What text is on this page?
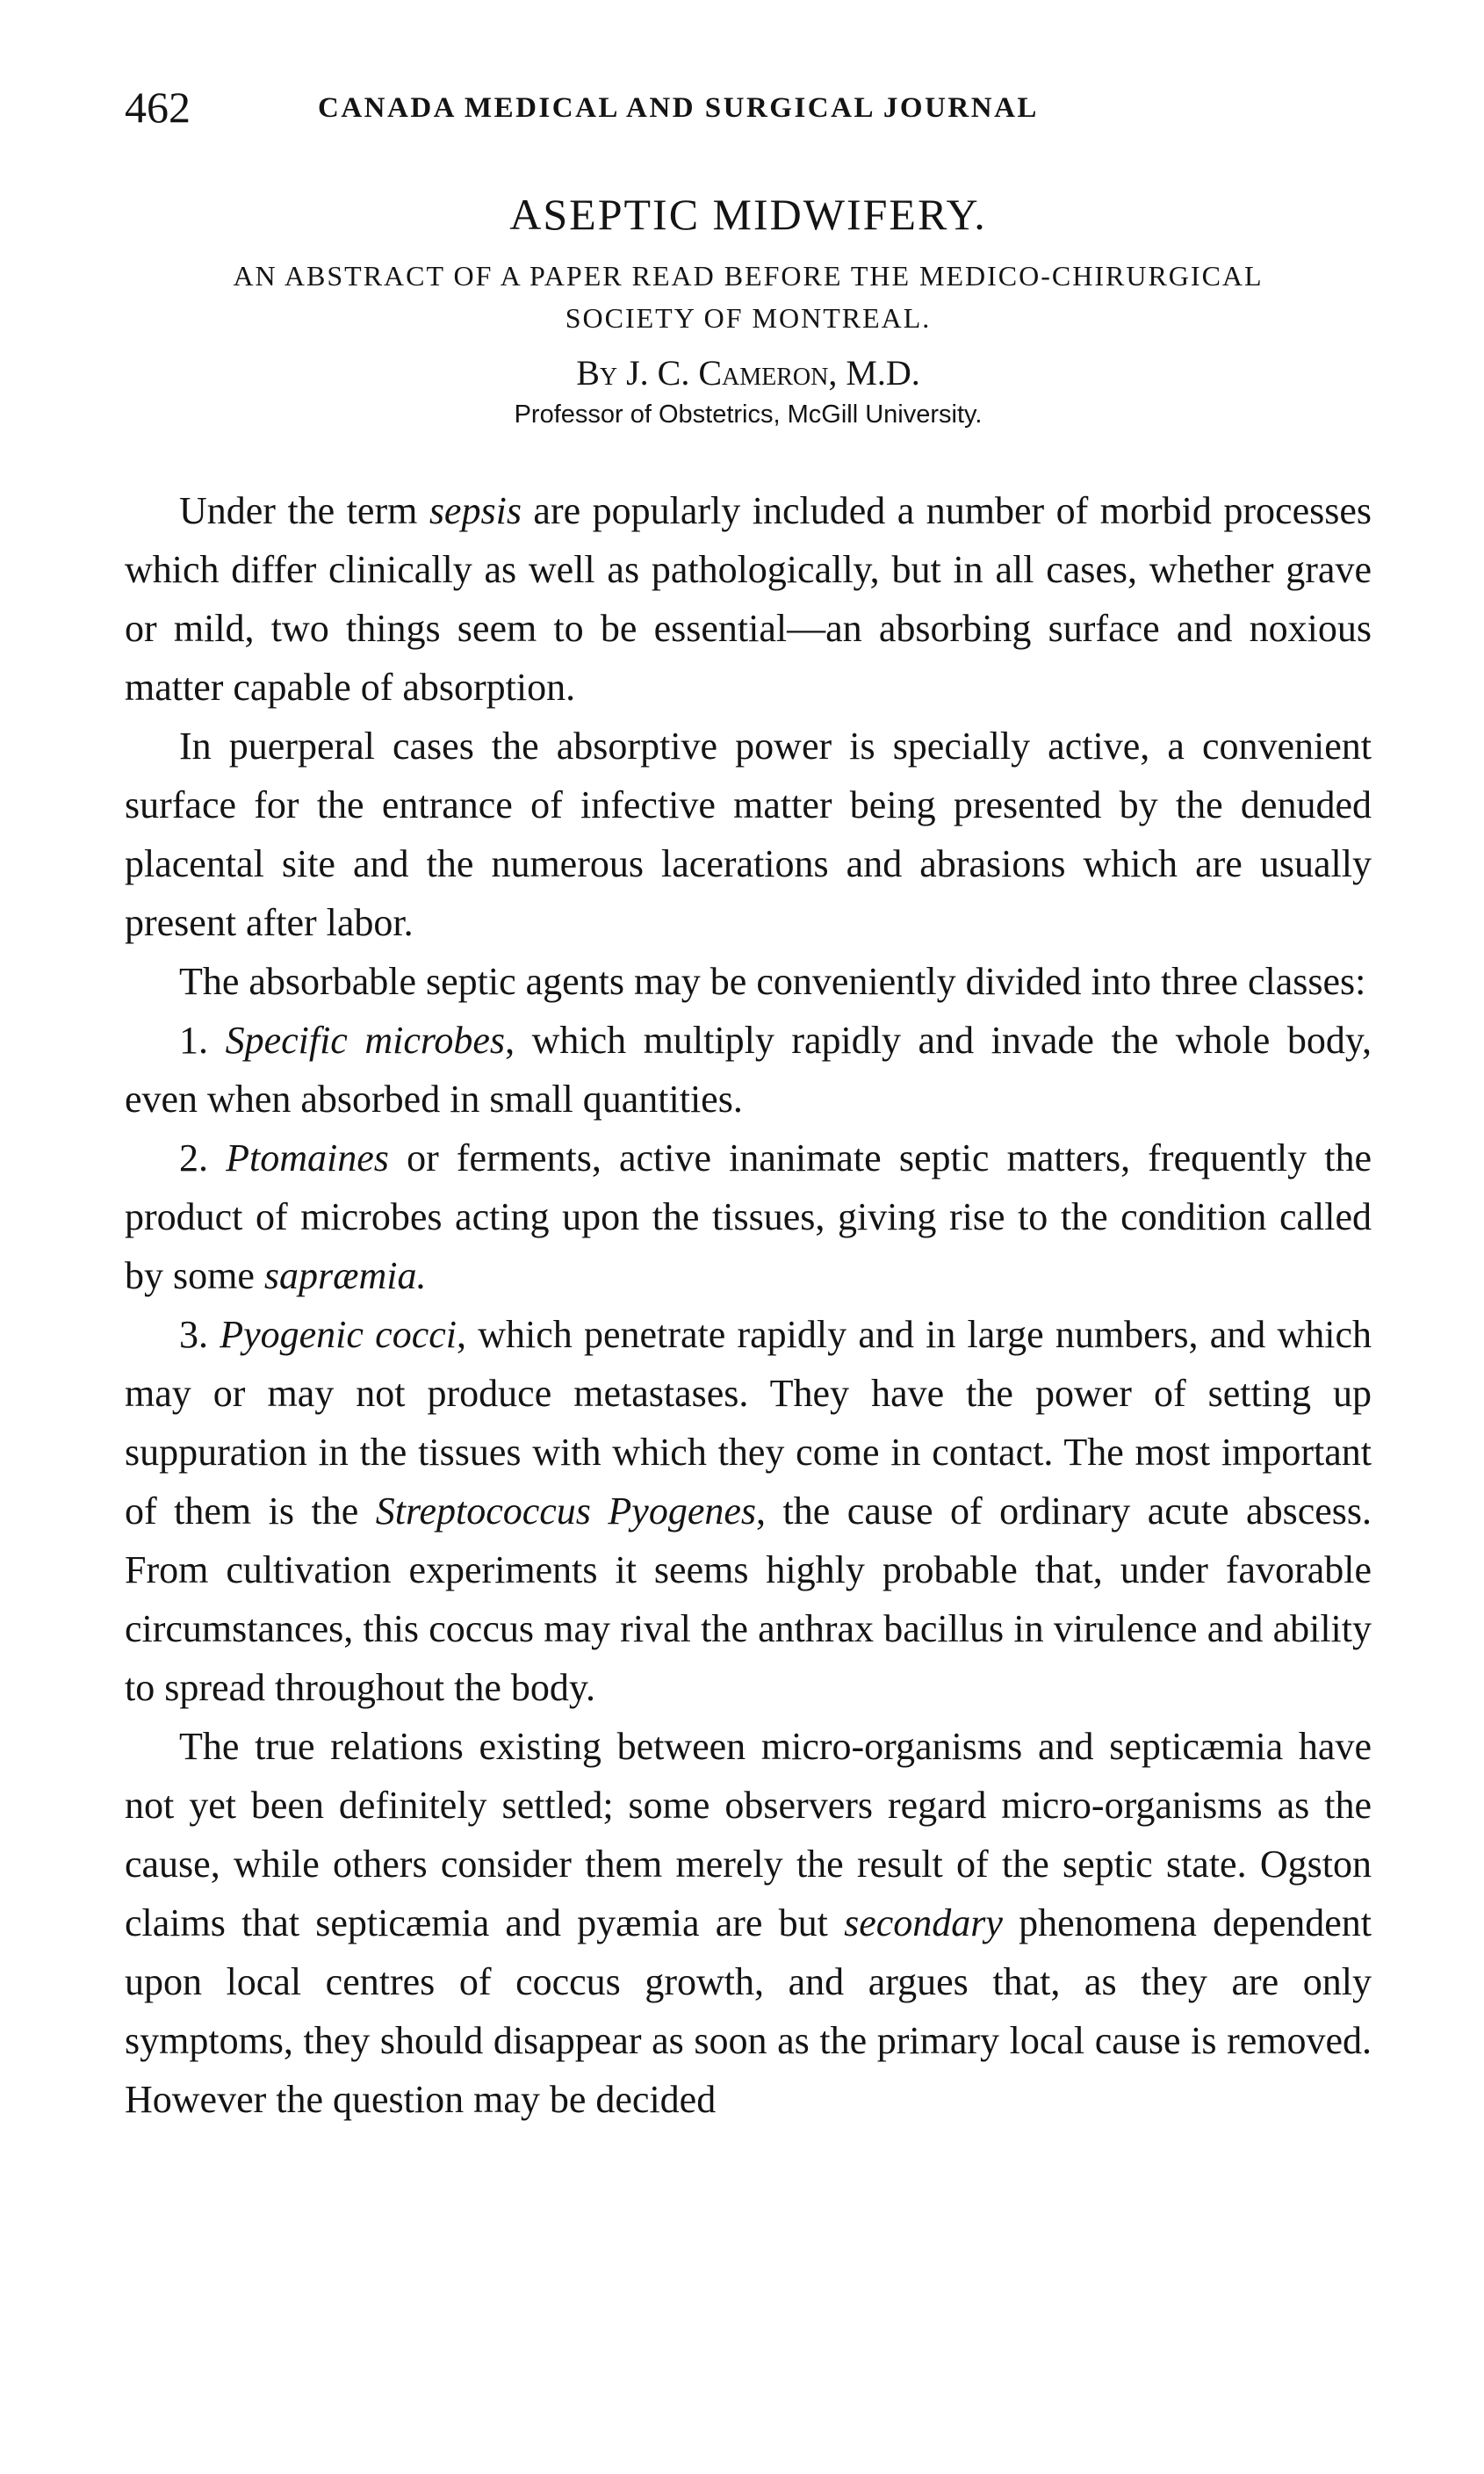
462	CANADA MEDICAL AND SURGICAL JOURNAL
ASEPTIC MIDWIFERY.

AN ABSTRACT OF A PAPER READ BEFORE THE MEDICO-CHIRURGICAL SOCIETY OF MONTREAL.

By J. C. Cameron, M.D.

Professor of Obstetrics, McGill University.

Under the term sepsis are popularly included a number of morbid processes which differ clinically as well as pathologically, but in all cases, whether grave or mild, two things seem to be essential—an absorbing surface and noxious matter capable of absorption.

In puerperal cases the absorptive power is specially active, a convenient surface for the entrance of infective matter being presented by the denuded placental site and the numerous lacerations and abrasions which are usually present after labor.

The absorbable septic agents may be conveniently divided into three classes:

1. Specific microbes, which multiply rapidly and invade the whole body, even when absorbed in small quantities.

2. Ptomaines or ferments, active inanimate septic matters, frequently the product of microbes acting upon the tissues, giving rise to the condition called by some sapræmia.

3. Pyogenic cocci, which penetrate rapidly and in large numbers, and which may or may not produce metastases. They have the power of setting up suppuration in the tissues with which they come in contact. The most important of them is the Streptococcus Pyogenes, the cause of ordinary acute abscess. From cultivation experiments it seems highly probable that, under favorable circumstances, this coccus may rival the anthrax bacillus in virulence and ability to spread throughout the body.

The true relations existing between micro-organisms and septicæmia have not yet been definitely settled; some observers regard micro-organisms as the cause, while others consider them merely the result of the septic state. Ogston claims that septicæmia and pyæmia are but secondary phenomena dependent upon local centres of coccus growth, and argues that, as they are only symptoms, they should disappear as soon as the primary local cause is removed. However the question may be decided
